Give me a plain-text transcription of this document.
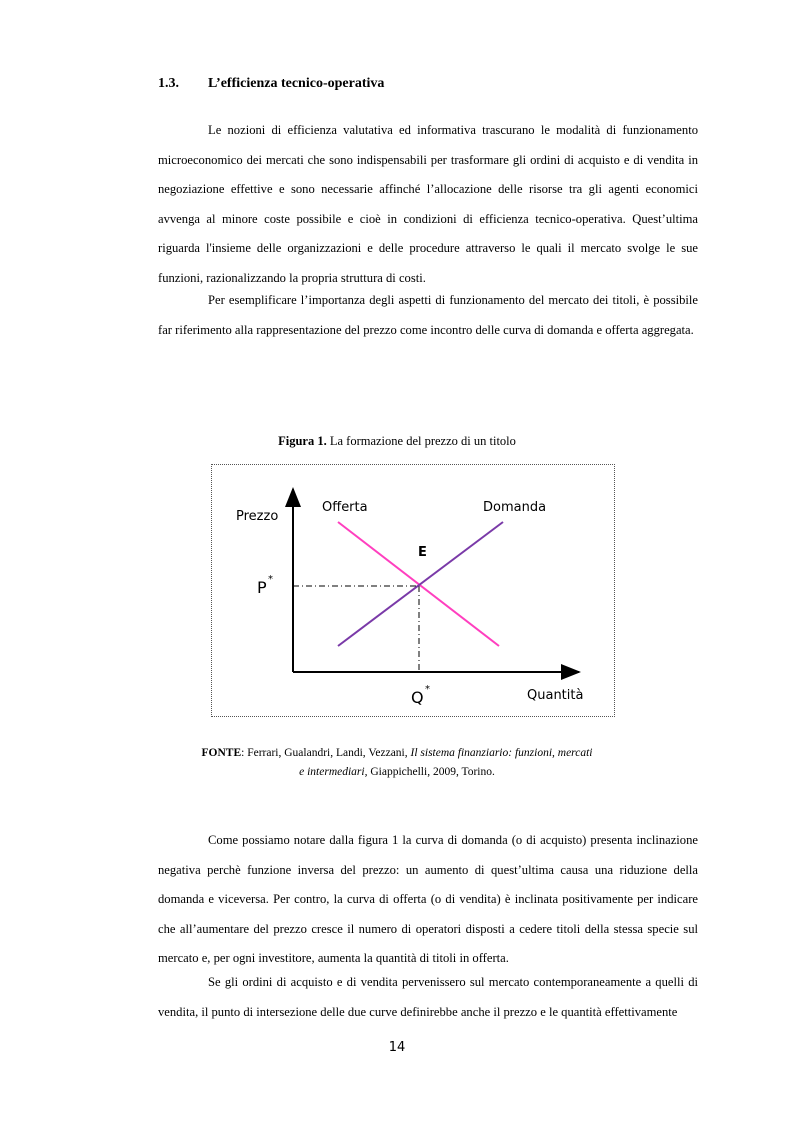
1.3. L’efficienza tecnico-operativa
Le nozioni di efficienza valutativa ed informativa trascurano le modalità di funzionamento microeconomico dei mercati che sono indispensabili per trasformare gli ordini di acquisto e di vendita in negoziazione effettive e sono necessarie affinché l’allocazione delle risorse tra gli agenti economici avvenga al minore coste possibile e cioè in condizioni di efficienza tecnico-operativa. Quest’ultima riguarda l'insieme delle organizzazioni e delle procedure attraverso le quali il mercato svolge le sue funzioni, razionalizzando la propria struttura di costi.
Per esemplificare l’importanza degli aspetti di funzionamento del mercato dei titoli, è possibile far riferimento alla rappresentazione del prezzo come incontro delle curva di domanda e offerta aggregata.
Figura 1. La formazione del prezzo di un titolo
Prezzo
Quantità
Offerta	Domanda
E
P *
Q *
FONTE: Ferrari, Gualandri, Landi, Vezzani, Il sistema finanziario: funzioni, mercati
e intermediari, Giappichelli, 2009, Torino.
Come possiamo notare dalla figura 1 la curva di domanda (o di acquisto) presenta inclinazione negativa perchè funzione inversa del prezzo: un aumento di quest’ultima causa una riduzione della domanda e viceversa. Per contro, la curva di offerta (o di vendita) è inclinata positivamente per indicare che all’aumentare del prezzo cresce il numero di operatori disposti a cedere titoli della stessa specie sul mercato e, per ogni investitore, aumenta la quantità di titoli in offerta.
Se gli ordini di acquisto e di vendita pervenissero sul mercato contemporaneamente a quelli di vendita, il punto di intersezione delle due curve definirebbe anche il prezzo e le quantità effettivamente
14
